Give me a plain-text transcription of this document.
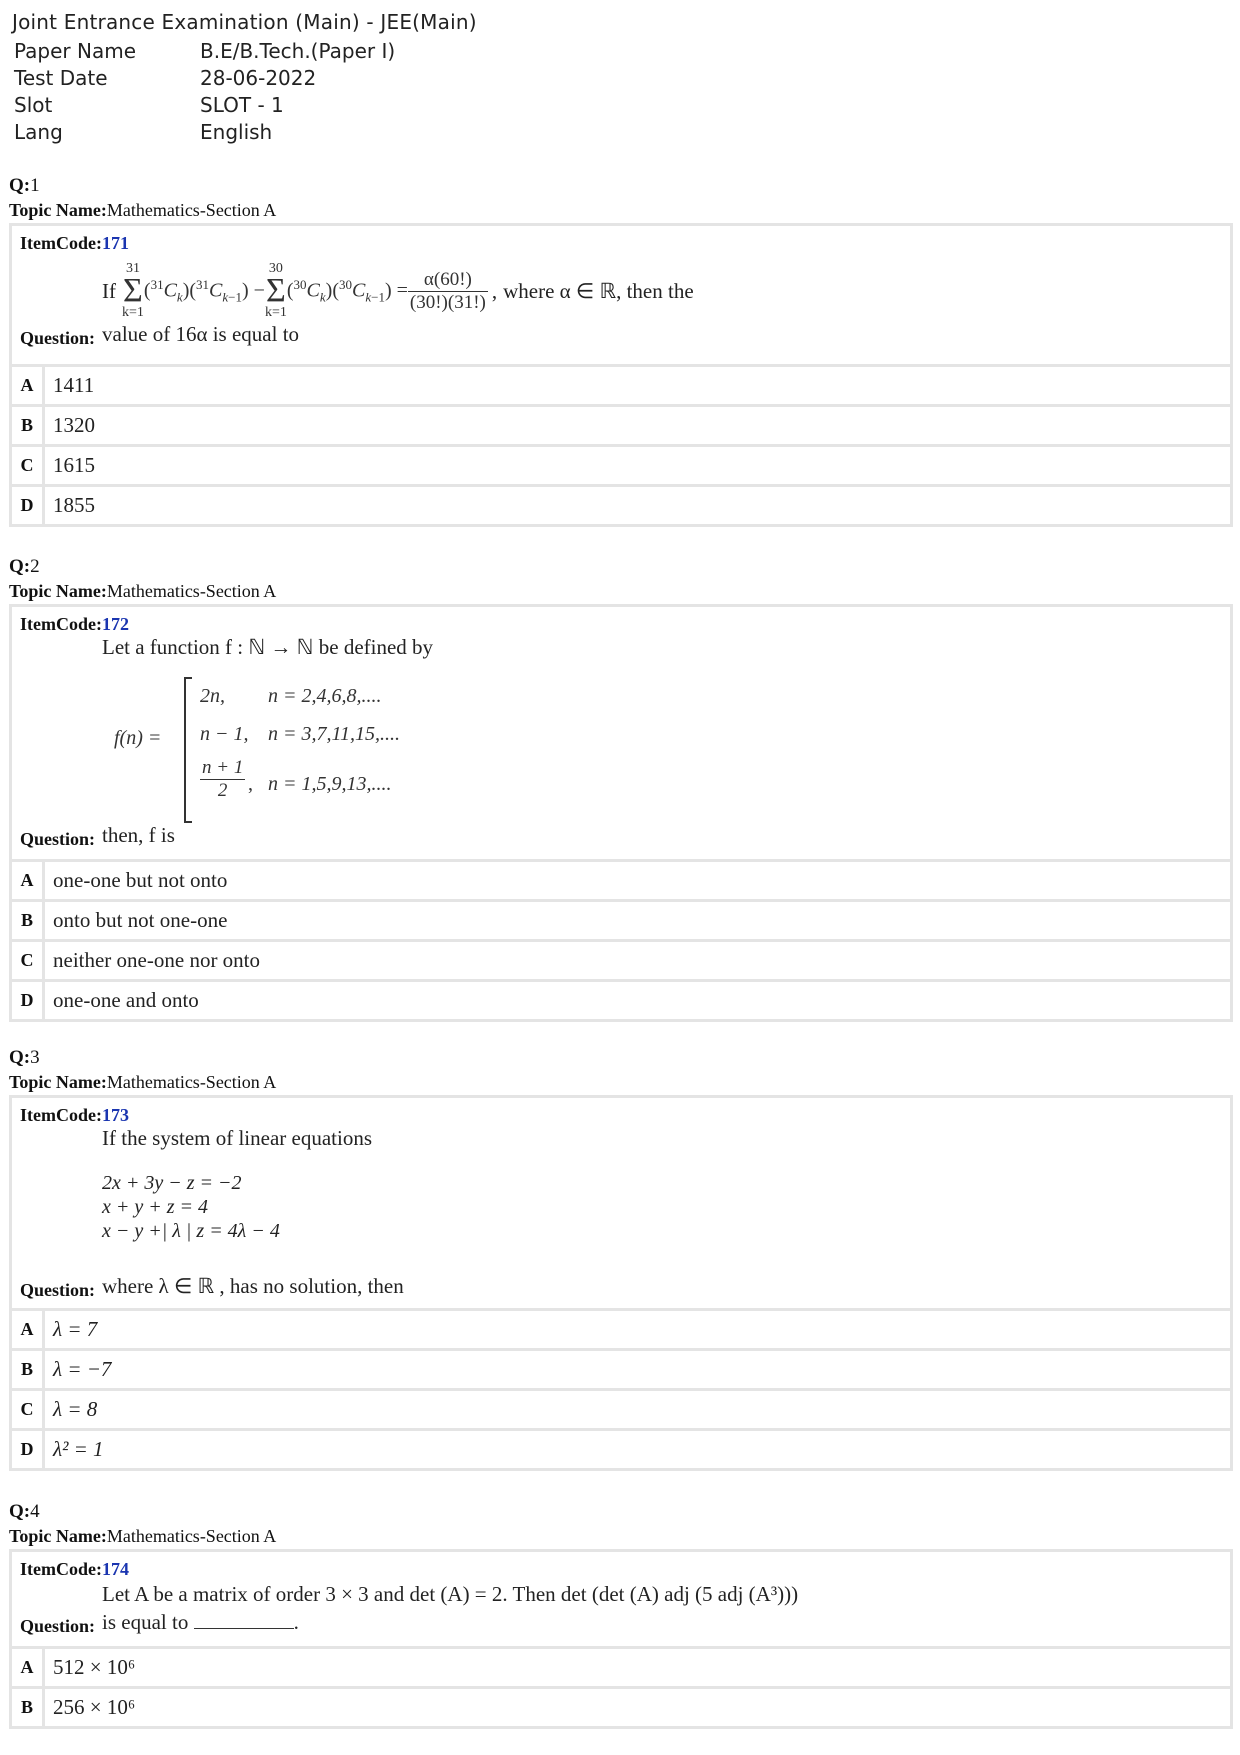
Joint Entrance Examination (Main) - JEE(Main)
Paper Name	B.E/B.Tech.(Paper I)
Test Date	28-06-2022
Slot	SLOT - 1
Lang	English
Q:1
Topic Name:Mathematics-Section A
ItemCode:171
If
31
Σ
k=1
$(^{31}C_k)(^{31}C_{k-1})$ −
30
Σ
k=1
$(^{30}C_k)(^{30}C_{k-1}) = \frac{\alpha(60!)}{(30!)(31!)}$ , where α ∈ ℝ, then the
Question: value of 16α is equal to
A 1411
B 1320
C 1615
D 1855
Q:2
Topic Name:Mathematics-Section A
ItemCode:172
Let a function f : ℕ → ℕ be defined by
f(n) =
2n, n = 2,4,6,8,....
n − 1, n = 3,7,11,15,....
$\frac{n + 1}{2}$ , n = 1,5,9,13,....
Question: then, f is
A one-one but not onto
B onto but not one-one
C neither one-one nor onto
D one-one and onto
Q:3
Topic Name:Mathematics-Section A
ItemCode:173
If the system of linear equations
2x + 3y − z = −2
x + y + z = 4
x − y +| λ | z = 4λ − 4
Question: where λ ∈ ℝ , has no solution, then
A λ = 7
B λ = −7
C λ = 8
D λ² = 1
Q:4
Topic Name:Mathematics-Section A
ItemCode:174
Let A be a matrix of order 3 × 3 and det (A) = 2. Then det (det (A) adj (5 adj (A³)))
Question: is equal to	.
A 512 × 10⁶
B 256 × 10⁶
